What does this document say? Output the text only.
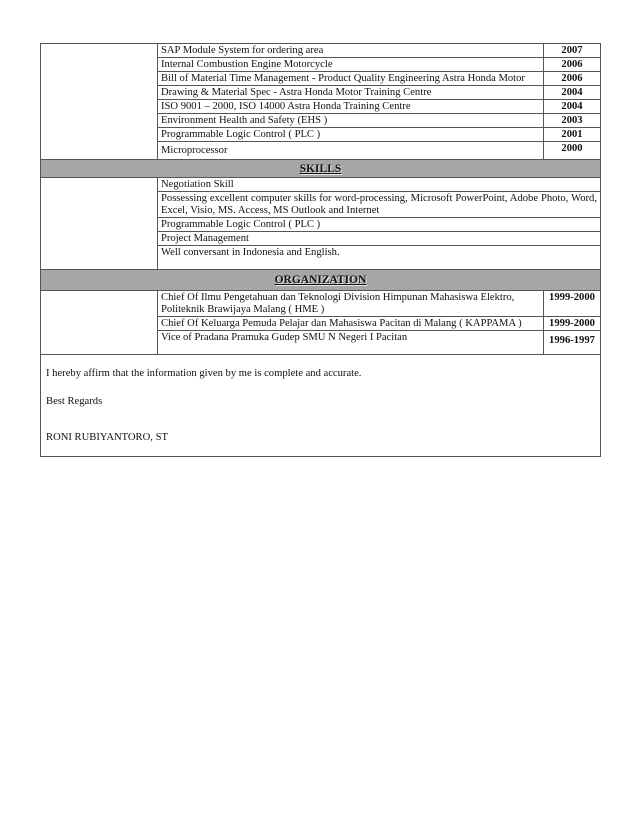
	SAP Module System for ordering area	2007
	Internal Combustion Engine Motorcycle	2006
	Bill of Material Time Management - Product Quality Engineering Astra Honda Motor	2006
	Drawing & Material Spec - Astra Honda Motor Training Centre	2004
	ISO 9001 – 2000, ISO 14000 Astra Honda Training Centre	2004
	Environment Health and Safety (EHS )	2003
	Programmable Logic Control ( PLC )	2001
	Microprocessor	2000
SKILLS		
	Negotiation Skill	
	Possessing excellent computer skills for word-processing, Microsoft PowerPoint, Adobe Photo, Word, Excel, Visio, MS. Access, MS Outlook and Internet	
	Programmable Logic Control ( PLC )	
	Project Management	
	Well conversant in Indonesia and English.	
ORGANIZATION		
	Chief Of Ilmu Pengetahuan dan Teknologi Division Himpunan Mahasiswa Elektro, Politeknik Brawijaya Malang ( HME )	1999-2000
	Chief Of Keluarga Pemuda Pelajar dan Mahasiswa Pacitan di Malang ( KAPPAMA )	1999-2000
	Vice of Pradana Pramuka Gudep SMU N Negeri I Pacitan	1996-1997
I hereby affirm that the information given by me is complete and accurate.
Best Regards
RONI RUBIYANTORO, ST
